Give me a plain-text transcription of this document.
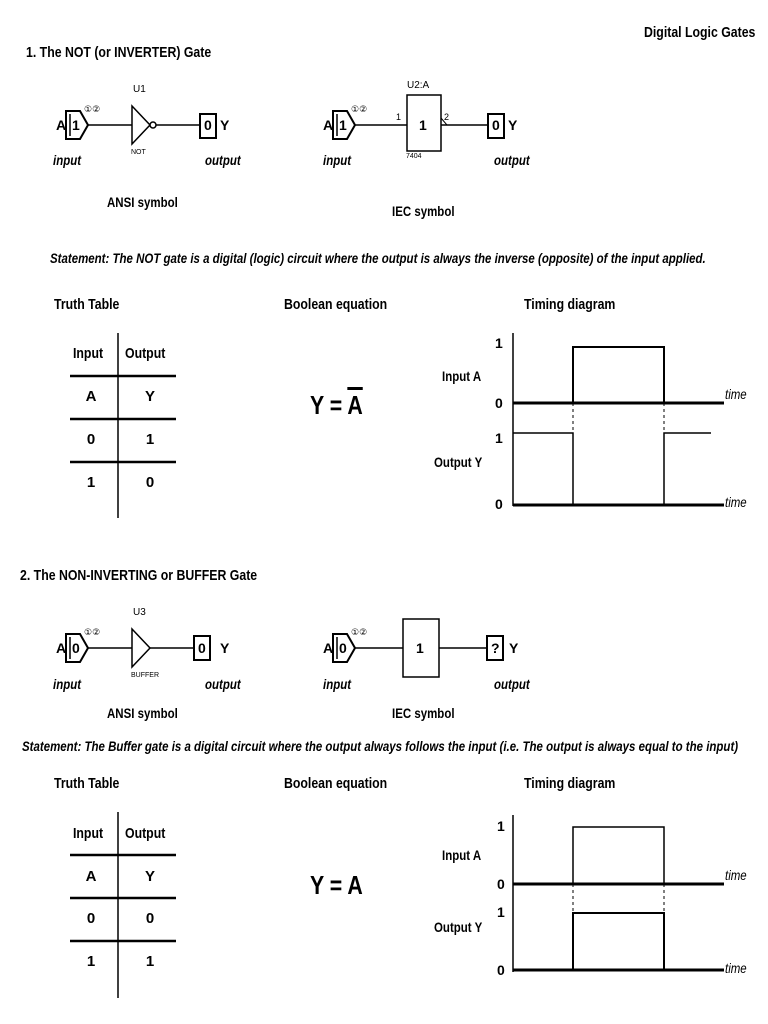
Digital Logic Gates
1. The NOT (or INVERTER) Gate
A 1
①②
U1
NOT
0 Y
input	output
ANSI symbol
A 1
①②
U2:A
1	2
1
7404
0 Y
input	output
IEC symbol
Statement: The NOT gate is a digital (logic) circuit where the output is always the inverse (opposite) of the input applied.
Truth Table	Boolean equation	Timing diagram
Input	Output
A	Y
0	1
1	0
$Y = \overline{A}$
1
0
1
0
Input A
Output Y
time
time
2. The NON-INVERTING or BUFFER Gate
A 0
①②
U3
BUFFER
0 Y
input	output
ANSI symbol
A 0
①②
1	? Y
input	output
IEC symbol
Statement: The Buffer gate is a digital circuit where the output always follows the input (i.e. The output is always equal to the input)
Truth Table	Boolean equation	Timing diagram
Input	Output
A	Y
0	0
1	1
Y = A
1
0
1
0
Input A
Output Y
time
time
